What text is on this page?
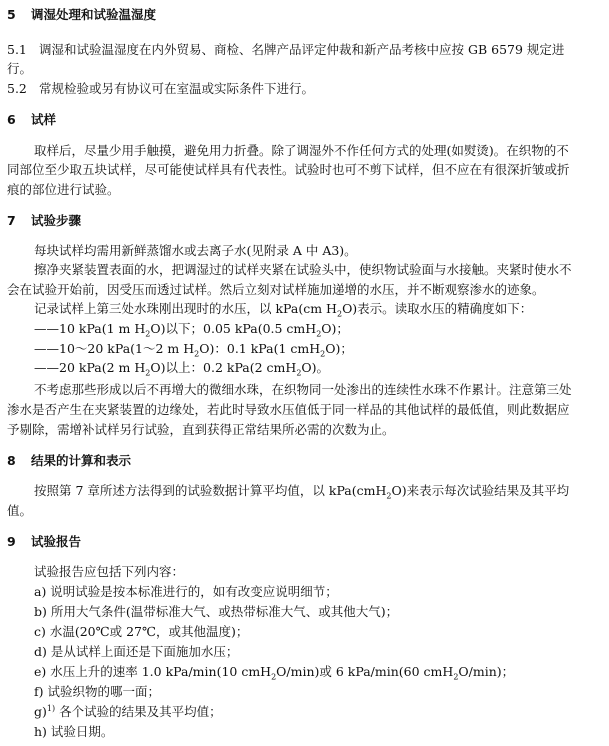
5 调湿处理和试验温湿度
5.1 调湿和试验温湿度在内外贸易、商检、名牌产品评定仲裁和新产品考核中应按 GB 6579 规定进
行。
5.2 常规检验或另有协议可在室温或实际条件下进行。
6 试样
取样后，尽量少用手触摸，避免用力折叠。除了调湿外不作任何方式的处理(如熨烫)。在织物的不
同部位至少取五块试样，尽可能使试样具有代表性。试验时也可不剪下试样，但不应在有很深折皱或折
痕的部位进行试验。
7 试验步骤
每块试样均需用新鲜蒸馏水或去离子水(见附录 A 中 A3)。
擦净夹紧装置表面的水，把调湿过的试样夹紧在试验头中，使织物试验面与水接触。夹紧时使水不
会在试验开始前，因受压而透过试样。然后立刻对试样施加递增的水压，并不断观察渗水的迹象。
记录试样上第三处水珠刚出现时的水压，以 kPa(cm $H_2O$)表示。读取水压的精确度如下：
——10 kPa(1 m $H_2O$)以下；0.05 kPa(0.5 cmH$_2$O)；
——10～20 kPa(1～2 m $H_2O$)：0.1 kPa(1 cmH$_2$O)；
——20 kPa(2 m $H_2O$)以上：0.2 kPa(2 cmH$_2$O)。
不考虑那些形成以后不再增大的微细水珠，在织物同一处渗出的连续性水珠不作累计。注意第三处
渗水是否产生在夹紧装置的边缘处，若此时导致水压值低于同一样品的其他试样的最低值，则此数据应
予剔除，需增补试样另行试验，直到获得正常结果所必需的次数为止。
8 结果的计算和表示
按照第 7 章所述方法得到的试验数据计算平均值，以 kPa(cmH$_2$O)来表示每次试验结果及其平均
值。
9 试验报告
试验报告应包括下列内容：
a) 说明试验是按本标准进行的，如有改变应说明细节；
b) 所用大气条件(温带标准大气、或热带标准大气、或其他大气)；
c) 水温(20℃或 27℃，或其他温度)；
d) 是从试样上面还是下面施加水压；
e) 水压上升的速率 1.0 kPa/min(10 cmH$_2$O/min)或 6 kPa/min(60 cmH$_2$O/min)；
f) 试验织物的哪一面；
g)$^{1)}$ 各个试验的结果及其平均值；
h) 试验日期。
